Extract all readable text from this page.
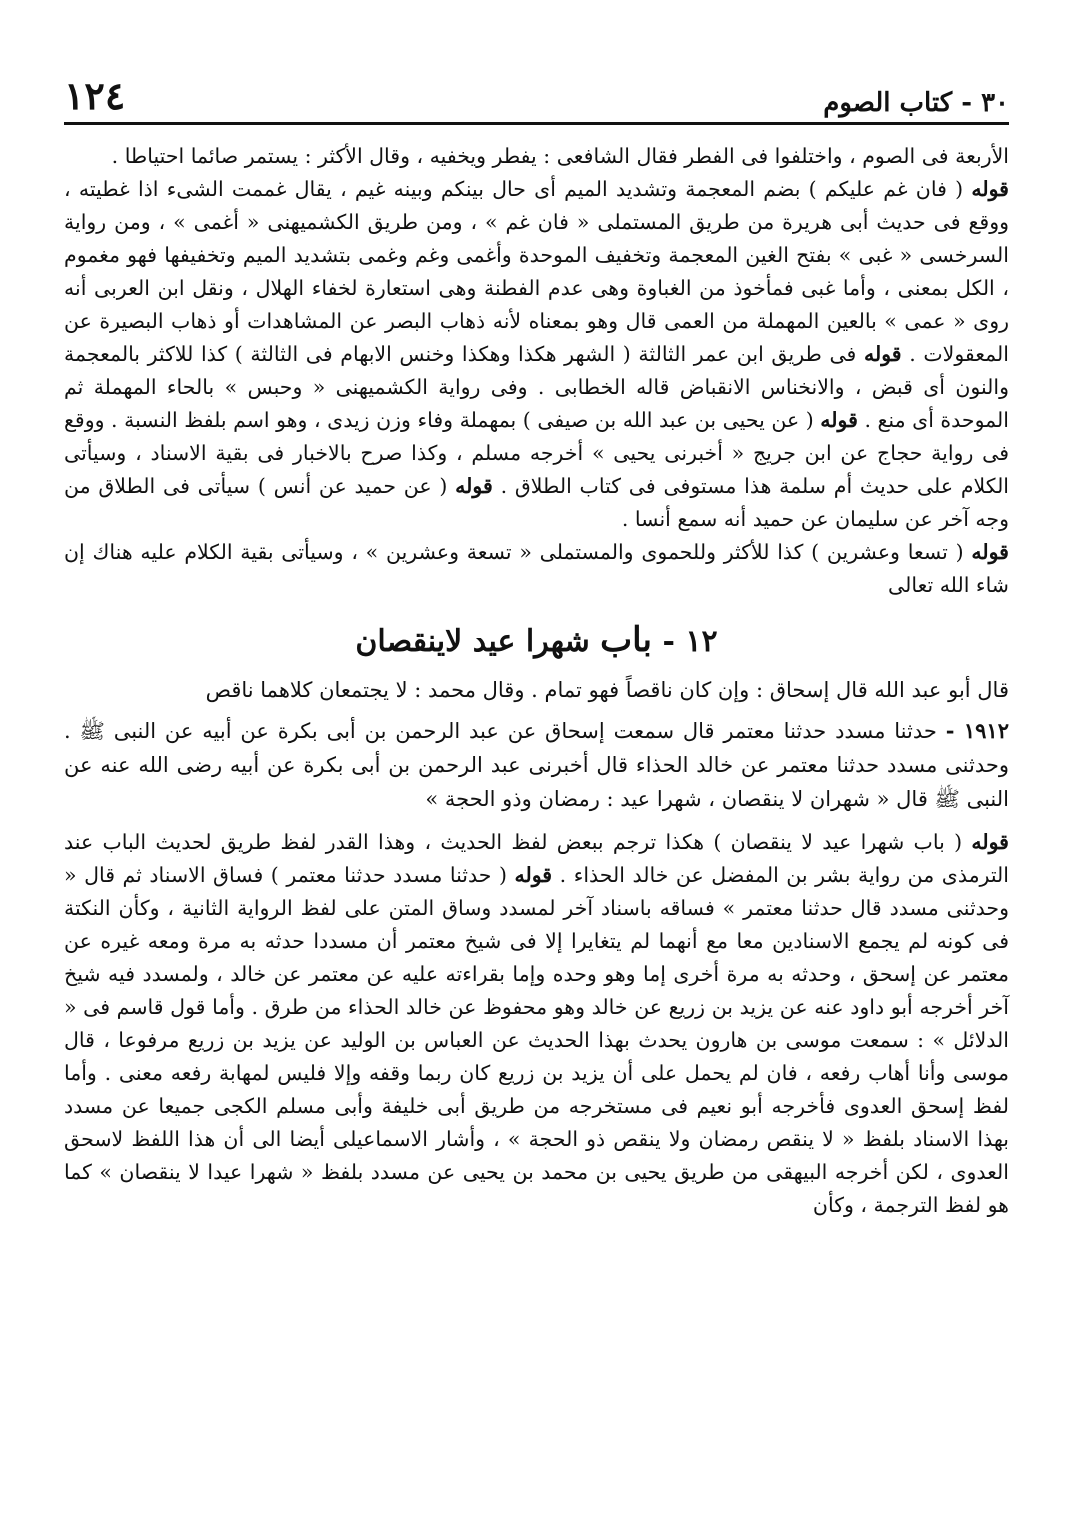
٣٠ - كتاب الصوم
١٢٤

الأربعة فى الصوم ، واختلفوا فى الفطر فقال الشافعى : يفطر ويخفيه ، وقال الأكثر : يستمر صائما احتياطا .

قوله ( فان غم عليكم ) بضم المعجمة وتشديد الميم أى حال بينكم وبينه غيم ، يقال غممت الشىء اذا غطيته ، ووقع فى حديث أبى هريرة من طريق المستملى « فان غم » ، ومن طريق الكشميهنى « أغمى » ، ومن رواية السرخسى « غبى » بفتح الغين المعجمة وتخفيف الموحدة وأغمى وغم وغمى بتشديد الميم وتخفيفها فهو مغموم ، الكل بمعنى ، وأما غبى فمأخوذ من الغباوة وهى عدم الفطنة وهى استعارة لخفاء الهلال ، ونقل ابن العربى أنه روى « عمى » بالعين المهملة من العمى قال وهو بمعناه لأنه ذهاب البصر عن المشاهدات أو ذهاب البصيرة عن المعقولات . قوله فى طريق ابن عمر الثالثة ( الشهر هكذا وهكذا وخنس الابهام فى الثالثة ) كذا للاكثر بالمعجمة والنون أى قبض ، والانخناس الانقباض قاله الخطابى . وفى رواية الكشميهنى « وحبس » بالحاء المهملة ثم الموحدة أى منع . قوله ( عن يحيى بن عبد الله بن صيفى ) بمهملة وفاء وزن زيدى ، وهو اسم بلفظ النسبة . ووقع فى رواية حجاج عن ابن جريج « أخبرنى يحيى » أخرجه مسلم ، وكذا صرح بالاخبار فى بقية الاسناد ، وسيأتى الكلام على حديث أم سلمة هذا مستوفى فى كتاب الطلاق . قوله ( عن حميد عن أنس ) سيأتى فى الطلاق من وجه آخر عن سليمان عن حميد أنه سمع أنسا .

قوله ( تسعا وعشرين ) كذا للأكثر وللحموى والمستملى « تسعة وعشرين » ، وسيأتى بقية الكلام عليه هناك إن شاء الله تعالى

١٢ - باب شهرا عيد لاينقصان

قال أبو عبد الله قال إسحاق : وإن كان ناقصاً فهو تمام . وقال محمد : لا يجتمعان كلاهما ناقص

١٩١٢ - حدثنا مسدد حدثنا معتمر قال سمعت إسحاق عن عبد الرحمن بن أبى بكرة عن أبيه عن النبى ﷺ . وحدثنى مسدد حدثنا معتمر عن خالد الحذاء قال أخبرنى عبد الرحمن بن أبى بكرة عن أبيه رضى الله عنه عن النبى ﷺ قال « شهران لا ينقصان ، شهرا عيد : رمضان وذو الحجة »

قوله ( باب شهرا عيد لا ينقصان ) هكذا ترجم ببعض لفظ الحديث ، وهذا القدر لفظ طريق لحديث الباب عند الترمذى من رواية بشر بن المفضل عن خالد الحذاء . قوله ( حدثنا مسدد حدثنا معتمر ) فساق الاسناد ثم قال « وحدثنى مسدد قال حدثنا معتمر » فساقه باسناد آخر لمسدد وساق المتن على لفظ الرواية الثانية ، وكأن النكتة فى كونه لم يجمع الاسنادين معا مع أنهما لم يتغايرا إلا فى شيخ معتمر أن مسددا حدثه به مرة ومعه غيره عن معتمر عن إسحق ، وحدثه به مرة أخرى إما وهو وحده وإما بقراءته عليه عن معتمر عن خالد ، ولمسدد فيه شيخ آخر أخرجه أبو داود عنه عن يزيد بن زريع عن خالد وهو محفوظ عن خالد الحذاء من طرق . وأما قول قاسم فى « الدلائل » : سمعت موسى بن هارون يحدث بهذا الحديث عن العباس بن الوليد عن يزيد بن زريع مرفوعا ، قال موسى وأنا أهاب رفعه ، فان لم يحمل على أن يزيد بن زريع كان ربما وقفه وإلا فليس لمهابة رفعه معنى . وأما لفظ إسحق العدوى فأخرجه أبو نعيم فى مستخرجه من طريق أبى خليفة وأبى مسلم الكجى جميعا عن مسدد بهذا الاسناد بلفظ « لا ينقص رمضان ولا ينقص ذو الحجة » ، وأشار الاسماعيلى أيضا الى أن هذا اللفظ لاسحق العدوى ، لكن أخرجه البيهقى من طريق يحيى بن محمد بن يحيى عن مسدد بلفظ « شهرا عيدا لا ينقصان » كما هو لفظ الترجمة ، وكأن
